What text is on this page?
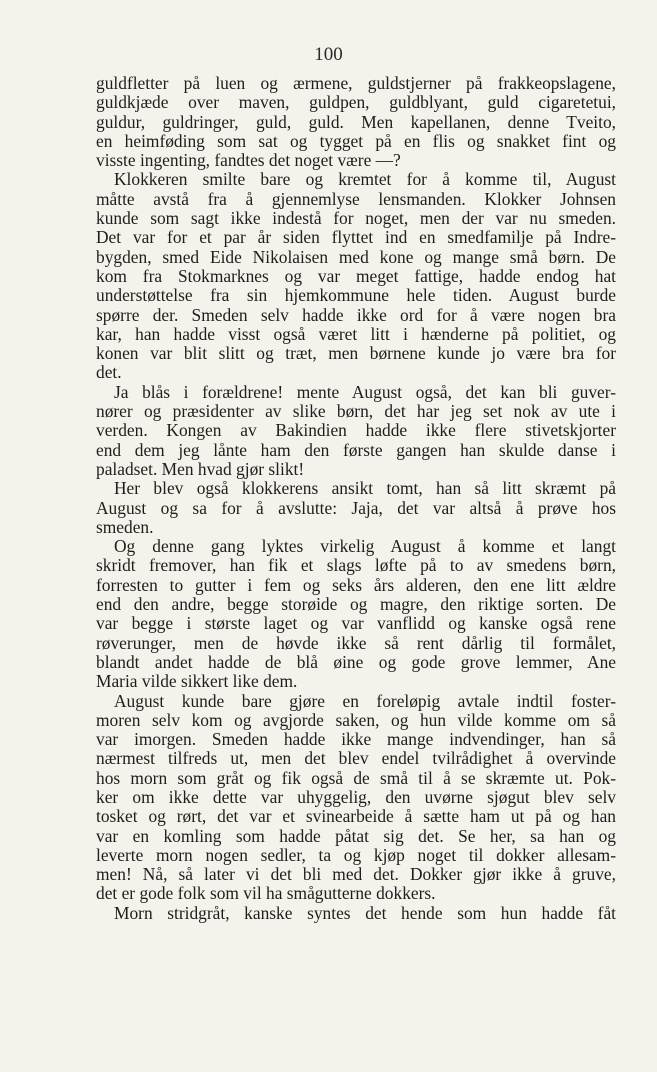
100
guldfletter på luen og ærmene, guldstjerner på frakkeopslagene,
guldkjæde over maven, guldpen, guldblyant, guld cigaretetui,
guldur, guldringer, guld, guld. Men kapellanen, denne Tveito,
en heimføding som sat og tygget på en flis og snakket fint og
visste ingenting, fandtes det noget være —?
Klokkeren smilte bare og kremtet for å komme til, August
måtte avstå fra å gjennemlyse lensmanden. Klokker Johnsen
kunde som sagt ikke indestå for noget, men der var nu smeden.
Det var for et par år siden flyttet ind en smedfamilje på Indre-
bygden, smed Eide Nikolaisen med kone og mange små børn. De
kom fra Stokmarknes og var meget fattige, hadde endog hat
understøttelse fra sin hjemkommune hele tiden. August burde
spørre der. Smeden selv hadde ikke ord for å være nogen bra
kar, han hadde visst også været litt i hænderne på politiet, og
konen var blit slitt og træt, men børnene kunde jo være bra for
det.
Ja blås i forældrene! mente August også, det kan bli guver-
nører og præsidenter av slike børn, det har jeg set nok av ute i
verden. Kongen av Bakindien hadde ikke flere stivetskjorter
end dem jeg lånte ham den første gangen han skulde danse i
paladset. Men hvad gjør slikt!
Her blev også klokkerens ansikt tomt, han så litt skræmt på
August og sa for å avslutte: Jaja, det var altså å prøve hos
smeden.
Og denne gang lyktes virkelig August å komme et langt
skridt fremover, han fik et slags løfte på to av smedens børn,
forresten to gutter i fem og seks års alderen, den ene litt ældre
end den andre, begge storøide og magre, den riktige sorten. De
var begge i største laget og var vanflidd og kanske også rene
røverunger, men de høvde ikke så rent dårlig til formålet,
blandt andet hadde de blå øine og gode grove lemmer, Ane
Maria vilde sikkert like dem.
August kunde bare gjøre en foreløpig avtale indtil foster-
moren selv kom og avgjorde saken, og hun vilde komme om så
var imorgen. Smeden hadde ikke mange indvendinger, han så
nærmest tilfreds ut, men det blev endel tvilrådighet å overvinde
hos morn som gråt og fik også de små til å se skræmte ut. Pok-
ker om ikke dette var uhyggelig, den uvørne sjøgut blev selv
tosket og rørt, det var et svinearbeide å sætte ham ut på og han
var en komling som hadde påtat sig det. Se her, sa han og
leverte morn nogen sedler, ta og kjøp noget til dokker allesam-
men! Nå, så later vi det bli med det. Dokker gjør ikke å gruve,
det er gode folk som vil ha smågutterne dokkers.
Morn stridgråt, kanske syntes det hende som hun hadde fåt
